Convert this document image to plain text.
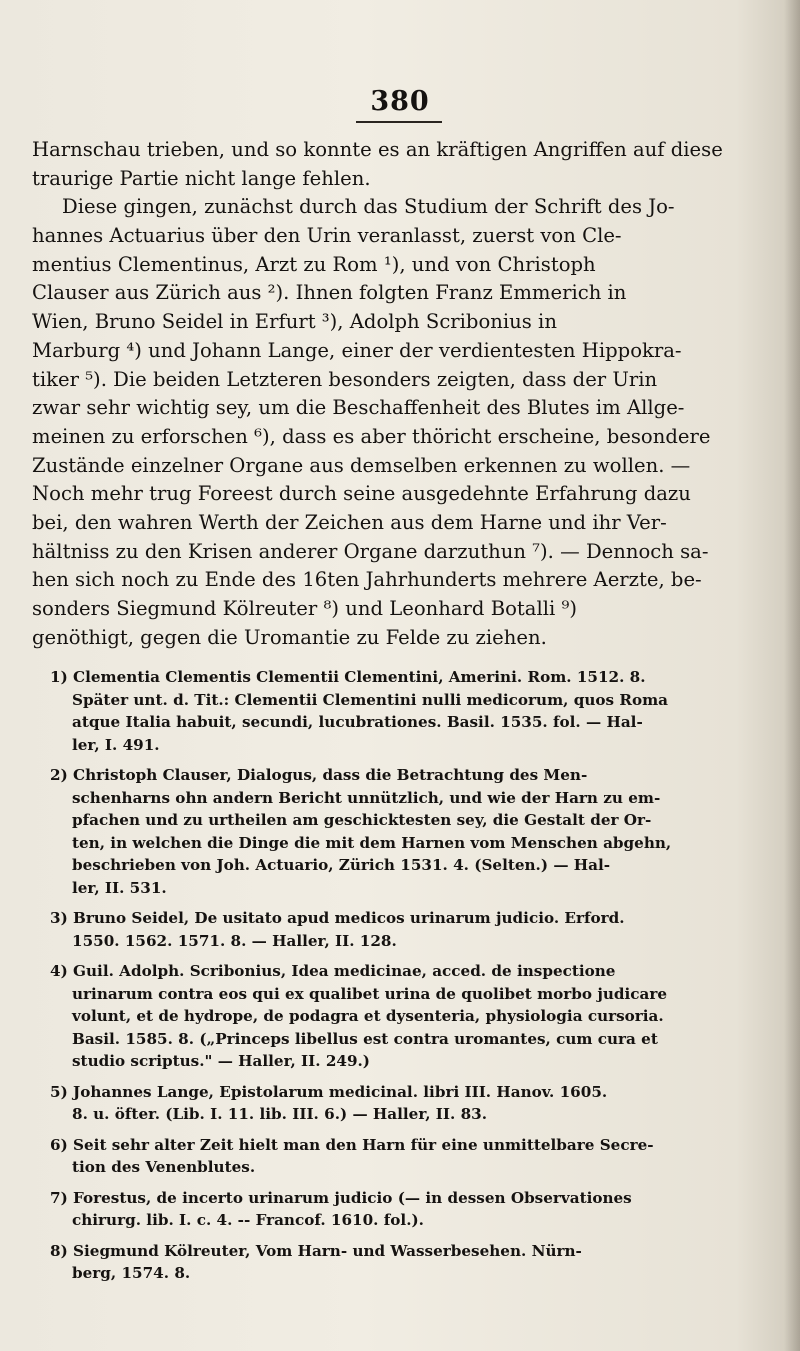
380
Harnschau trieben, und so konnte es an kräftigen Angriffen auf diese
traurige Partie nicht lange fehlen.
Diese gingen, zunächst durch das Studium der Schrift des Jo-
hannes Actuarius über den Urin veranlasst, zuerst von Cle-
mentius Clementinus, Arzt zu Rom ¹), und von Christoph
Clauser aus Zürich aus ²). Ihnen folgten Franz Emmerich in
Wien, Bruno Seidel in Erfurt ³), Adolph Scribonius in
Marburg ⁴) und Johann Lange, einer der verdientesten Hippokra-
tiker ⁵). Die beiden Letzteren besonders zeigten, dass der Urin
zwar sehr wichtig sey, um die Beschaffenheit des Blutes im Allge-
meinen zu erforschen ⁶), dass es aber thöricht erscheine, besondere
Zustände einzelner Organe aus demselben erkennen zu wollen. —
Noch mehr trug Foreest durch seine ausgedehnte Erfahrung dazu
bei, den wahren Werth der Zeichen aus dem Harne und ihr Ver-
hältniss zu den Krisen anderer Organe darzuthun ⁷). — Dennoch sa-
hen sich noch zu Ende des 16ten Jahrhunderts mehrere Aerzte, be-
sonders Siegmund Kölreuter ⁸) und Leonhard Botalli ⁹)
genöthigt, gegen die Uromantie zu Felde zu ziehen.
1) Clementia Clementis Clementii Clementini, Amerini. Rom. 1512. 8.
Später unt. d. Tit.: Clementii Clementini nulli medicorum, quos Roma
atque Italia habuit, secundi, lucubrationes. Basil. 1535. fol. — Hal-
ler, I. 491.
2) Christoph Clauser, Dialogus, dass die Betrachtung des Men-
schenharns ohn andern Bericht unnützlich, und wie der Harn zu em-
pfachen und zu urtheilen am geschicktesten sey, die Gestalt der Or-
ten, in welchen die Dinge die mit dem Harnen vom Menschen abgehn,
beschrieben von Joh. Actuario, Zürich 1531. 4. (Selten.) — Hal-
ler, II. 531.
3) Bruno Seidel, De usitato apud medicos urinarum judicio. Erford.
1550. 1562. 1571. 8. — Haller, II. 128.
4) Guil. Adolph. Scribonius, Idea medicinae, acced. de inspectione
urinarum contra eos qui ex qualibet urina de quolibet morbo judicare
volunt, et de hydrope, de podagra et dysenteria, physiologia cursoria.
Basil. 1585. 8. („Princeps libellus est contra uromantes, cum cura et
studio scriptus." — Haller, II. 249.)
5) Johannes Lange, Epistolarum medicinal. libri III. Hanov. 1605.
8. u. öfter. (Lib. I. 11. lib. III. 6.) — Haller, II. 83.
6) Seit sehr alter Zeit hielt man den Harn für eine unmittelbare Secre-
tion des Venenblutes.
7) Forestus, de incerto urinarum judicio (— in dessen Observationes
chirurg. lib. I. c. 4. -- Francof. 1610. fol.).
8) Siegmund Kölreuter, Vom Harn- und Wasserbesehen. Nürn-
berg, 1574. 8.
